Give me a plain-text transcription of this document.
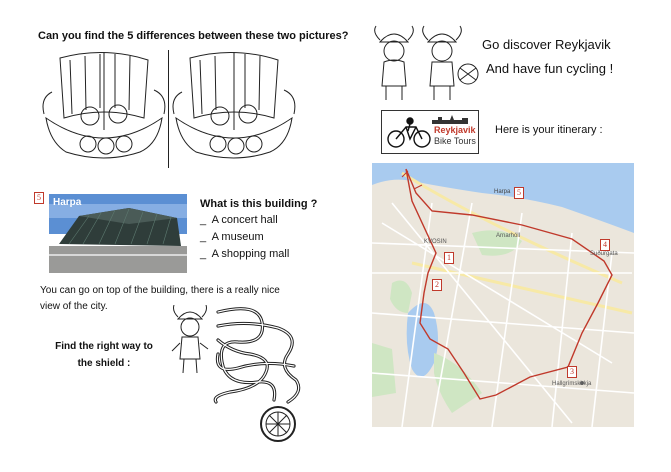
Can you find the 5 differences between these two pictures?
5	Harpa	What is this building ?
_ A concert hall
_ A museum
_ A shopping mall
You can go on top of the building, there is a really nice view of the city.
Find the right way to the shield :
Go discover Reykjavik
And have fun cycling !
Reykjavik
Bike Tours
Here is your itinerary :
Harpa
KVOSIN
Arnarhóll
Suðurgata
Hallgrímskirkja
1
2
3
4
5
